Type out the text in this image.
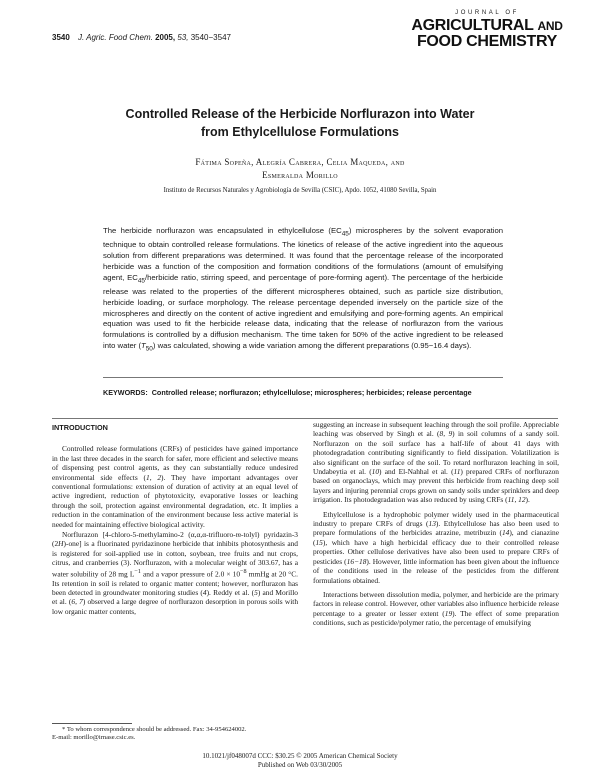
3540 J. Agric. Food Chem. 2005, 53, 3540−3547
JOURNAL OF
AGRICULTURAL AND
FOOD CHEMISTRY
Controlled Release of the Herbicide Norflurazon into Water
from Ethylcellulose Formulations
Fátima Sopeña, Alegría Cabrera, Celia Maqueda, and
Esmeralda Morillo
Instituto de Recursos Naturales y Agrobiología de Sevilla (CSIC), Apdo. 1052, 41080 Sevilla, Spain
The herbicide norflurazon was encapsulated in ethylcellulose $(EC_{45})$ microspheres by the solvent evaporation technique to obtain controlled release formulations. The kinetics of release of the active ingredient into the aqueous solution from different preparations was determined. It was found that the percentage release of the incorporated herbicide was a function of the composition and formation conditions of the formulations (amount of emulsifying agent, $EC_{45}$/herbicide ratio, stirring speed, and percentage of pore-forming agent). The percentage of the herbicide release was related to the properties of the different microspheres obtained, such as particle size distribution, herbicide loading, or surface morphology. The release percentage depended inversely on the particle size of the microspheres and directly on the content of active ingredient and emulsifying and pore-forming agents. An empirical equation was used to fit the herbicide release data, indicating that the release of norflurazon from the various formulations is controlled by a diffusion mechanism. The time taken for 50% of the active ingredient to be released into water $(T_{50})$ was calculated, showing a wide variation among the different preparations (0.95−16.4 days).
KEYWORDS: Controlled release; norflurazon; ethylcellulose; microspheres; herbicides; release percentage

INTRODUCTION

Controlled release formulations (CRFs) of pesticides have gained importance in the last three decades in the search for safer, more efficient and selective means of dispensing pest control agents, as they can substantially reduce undesired environmental side effects (1, 2). They have important advantages over conventional formulations: extension of duration of activity at an equal level of active ingredient, reduction of phytotoxicity, evaporative losses or leaching through the soil, protection against environmental degradation, etc. It implies a reduction in the contamination of the environment because less active material is needed for maintaining effective biological activity.

Norflurazon [4-chloro-5-methylamino-2 (α,α,α-trifluoro-m-tolyl) pyridazin-3 (2H)-one] is a fluorinated pyridazinone herbicide that inhibits photosynthesis and is registered for soil-applied use in cotton, soybean, tree fruits and nut crops, citrus, and cranberries (3). Norflurazon, with a molecular weight of 303.67, has a water solubility of 28 mg $L^{-1}$ and a vapor pressure of $2.0 \times 10^{-8}$ mmHg at 20 °C. Its retention in soil is related to organic matter content; however, norflurazon has been detected in groundwater monitoring studies (4). Reddy et al. (5) and Morillo et al. (6, 7) observed a large degree of norflurazon desorption in porous soils with low organic matter contents,

suggesting an increase in subsequent leaching through the soil profile. Appreciable leaching was observed by Singh et al. (8, 9) in soil columns of a sandy soil. Norflurazon on the soil surface has a half-life of about 41 days with photodegradation contributing significantly to field dissipation. Volatilization is also significant on the surface of the soil. To retard norflurazon leaching in soil, Undabeytia et al. (10) and El-Nahhal et al. (11) prepared CRFs of norflurazon based on organoclays, which may prevent this herbicide from reaching deep soil layers and injuring perennial crops grown on sandy soils under sprinklers and deep irrigation. Its photodegradation was also reduced by using CRFs (11, 12).

Ethylcellulose is a hydrophobic polymer widely used in the pharmaceutical industry to prepare CRFs of drugs (13). Ethylcellulose has also been used to prepare formulations of the herbicides atrazine, metribuzin (14), and cianazine (15), which have a high herbicidal efficacy due to their controlled release properties. Other cellulose derivatives have also been used to prepare CRFs of pesticides (16−18). However, little information has been given about the influence of the conditions used in the release of the pesticides from the different formulations obtained.

Interactions between dissolution media, polymer, and herbicide are the primary factors in release control. However, other variables also influence herbicide release percentage to a greater or lesser extent (19). The effect of some preparation conditions, such as pesticide/polymer ratio, the percentage of emulsifying

* To whom correspondence should be addressed. Fax: 34-954624002.
E-mail: morillo@irnase.csic.es.
10.1021/jf048007d CCC: $30.25 © 2005 American Chemical Society
Published on Web 03/30/2005
